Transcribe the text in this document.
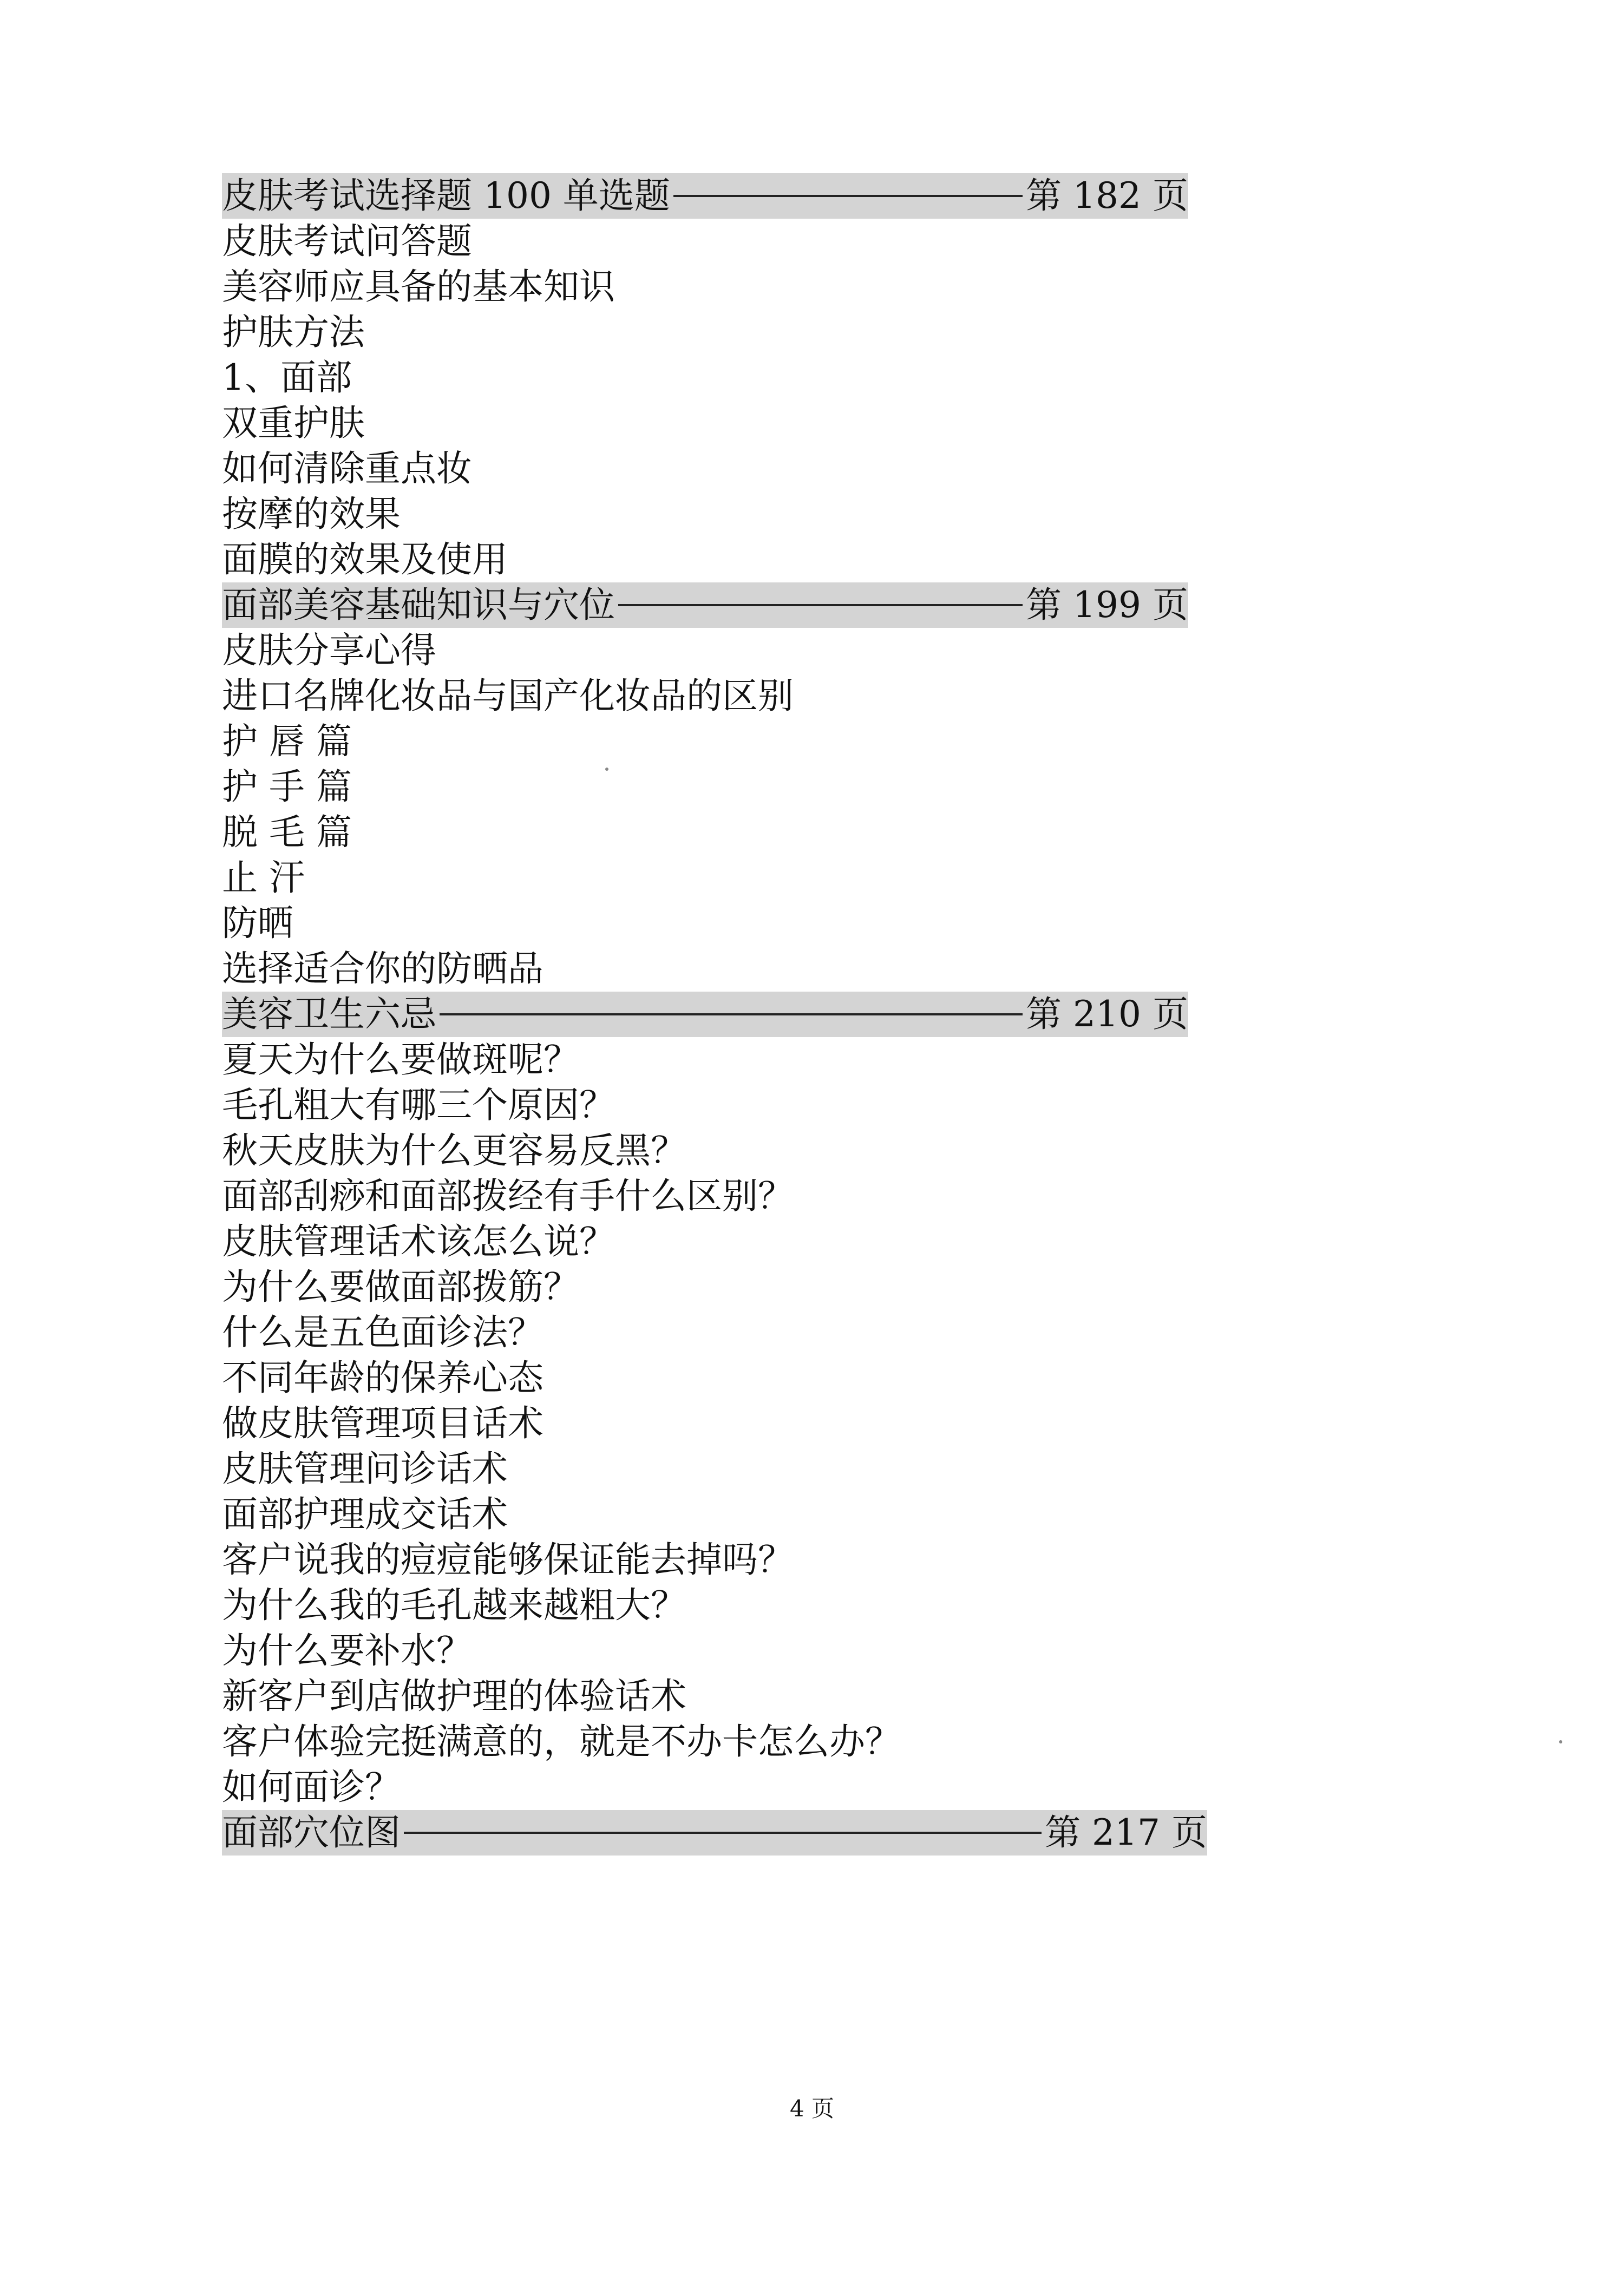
皮肤考试选择题 100 单选题	第 182 页
皮肤考试问答题
美容师应具备的基本知识
护肤方法
1、面部
双重护肤
如何清除重点妆
按摩的效果
面膜的效果及使用
面部美容基础知识与穴位	第 199 页
皮肤分享心得
进口名牌化妆品与国产化妆品的区别
护 唇 篇
护 手 篇
脱 毛 篇
止 汗
防晒
选择适合你的防晒品
美容卫生六忌	第 210 页
夏天为什么要做斑呢？
毛孔粗大有哪三个原因？
秋天皮肤为什么更容易反黑？
面部刮痧和面部拨经有手什么区别？
皮肤管理话术该怎么说？
为什么要做面部拨筋？
什么是五色面诊法？
不同年龄的保养心态
做皮肤管理项目话术
皮肤管理问诊话术
面部护理成交话术
客户说我的痘痘能够保证能去掉吗？
为什么我的毛孔越来越粗大？
为什么要补水？
新客户到店做护理的体验话术
客户体验完挺满意的，就是不办卡怎么办？
如何面诊？
面部穴位图	第 217 页
4 页
